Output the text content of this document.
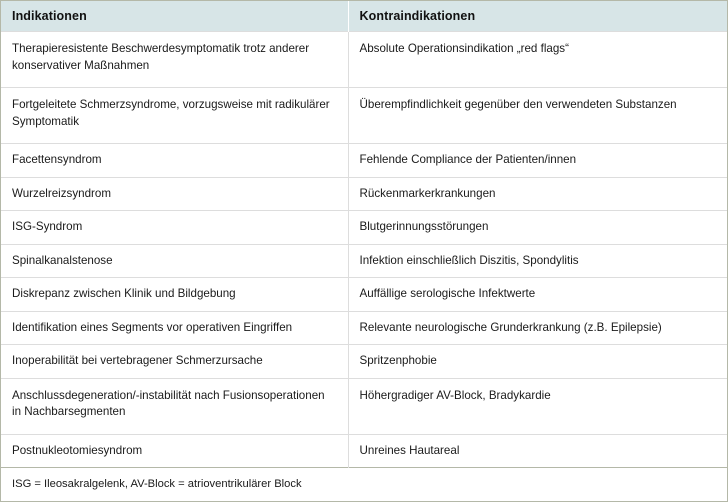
Indikationen	Kontraindikationen
Therapieresistente Beschwerdesymptomatik trotz anderer konservativer Maßnahmen	Absolute Operationsindikation „red flags“
Fortgeleitete Schmerzsyndrome, vorzugsweise mit radikulärer Symptomatik	Überempfindlichkeit gegenüber den verwendeten Substanzen
Facettensyndrom	Fehlende Compliance der Patienten/innen
Wurzelreizsyndrom	Rückenmarkerkrankungen
ISG-Syndrom	Blutgerinnungsstörungen
Spinalkanalstenose	Infektion einschließlich Diszitis, Spondylitis
Diskrepanz zwischen Klinik und Bildgebung	Auffällige serologische Infektwerte
Identifikation eines Segments vor operativen Eingriffen	Relevante neurologische Grunderkrankung (z.B. Epilepsie)
Inoperabilität bei vertebragener Schmerzursache	Spritzenphobie
Anschlussdegeneration/-instabilität nach Fusionsoperationen in Nachbarsegmenten	Höhergradiger AV-Block, Bradykardie
Postnukleotomiesyndrom	Unreines Hautareal
ISG = Ileosakralgelenk, AV-Block = atrioventrikulärer Block	
